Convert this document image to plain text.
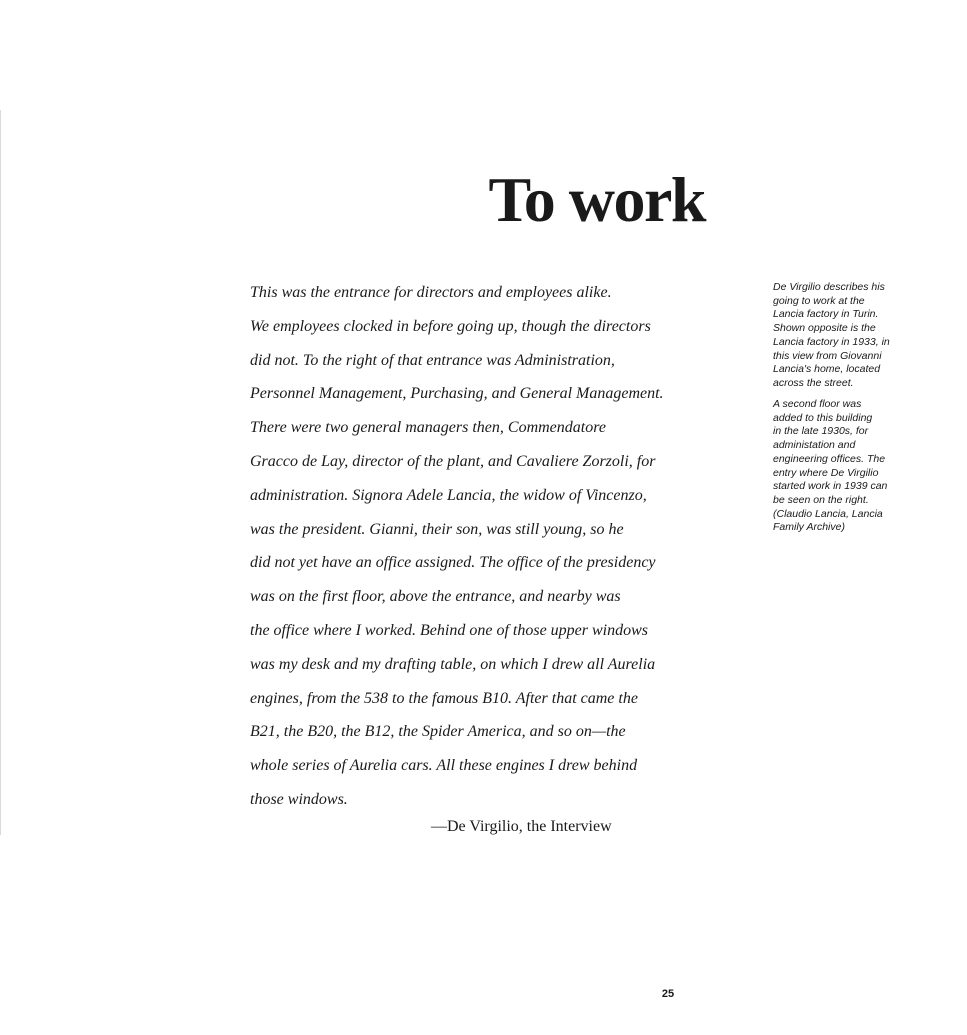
To work
This was the entrance for directors and employees alike.
We employees clocked in before going up, though the directors
did not. To the right of that entrance was Administration,
Personnel Management, Purchasing, and General Management.
There were two general managers then, Commendatore
Gracco de Lay, director of the plant, and Cavaliere Zorzoli, for
administration. Signora Adele Lancia, the widow of Vincenzo,
was the president. Gianni, their son, was still young, so he
did not yet have an office assigned. The office of the presidency
was on the first floor, above the entrance, and nearby was
the office where I worked. Behind one of those upper windows
was my desk and my drafting table, on which I drew all Aurelia
engines, from the 538 to the famous B10. After that came the
B21, the B20, the B12, the Spider America, and so on—the
whole series of Aurelia cars. All these engines I drew behind
those windows.
—De Virgilio, the Interview
De Virgilio describes his
going to work at the
Lancia factory in Turin.
Shown opposite is the
Lancia factory in 1933, in
this view from Giovanni
Lancia's home, located
across the street.
A second floor was
added to this building
in the late 1930s, for
administation and
engineering offices. The
entry where De Virgilio
started work in 1939 can
be seen on the right.
(Claudio Lancia, Lancia
Family Archive)
25
